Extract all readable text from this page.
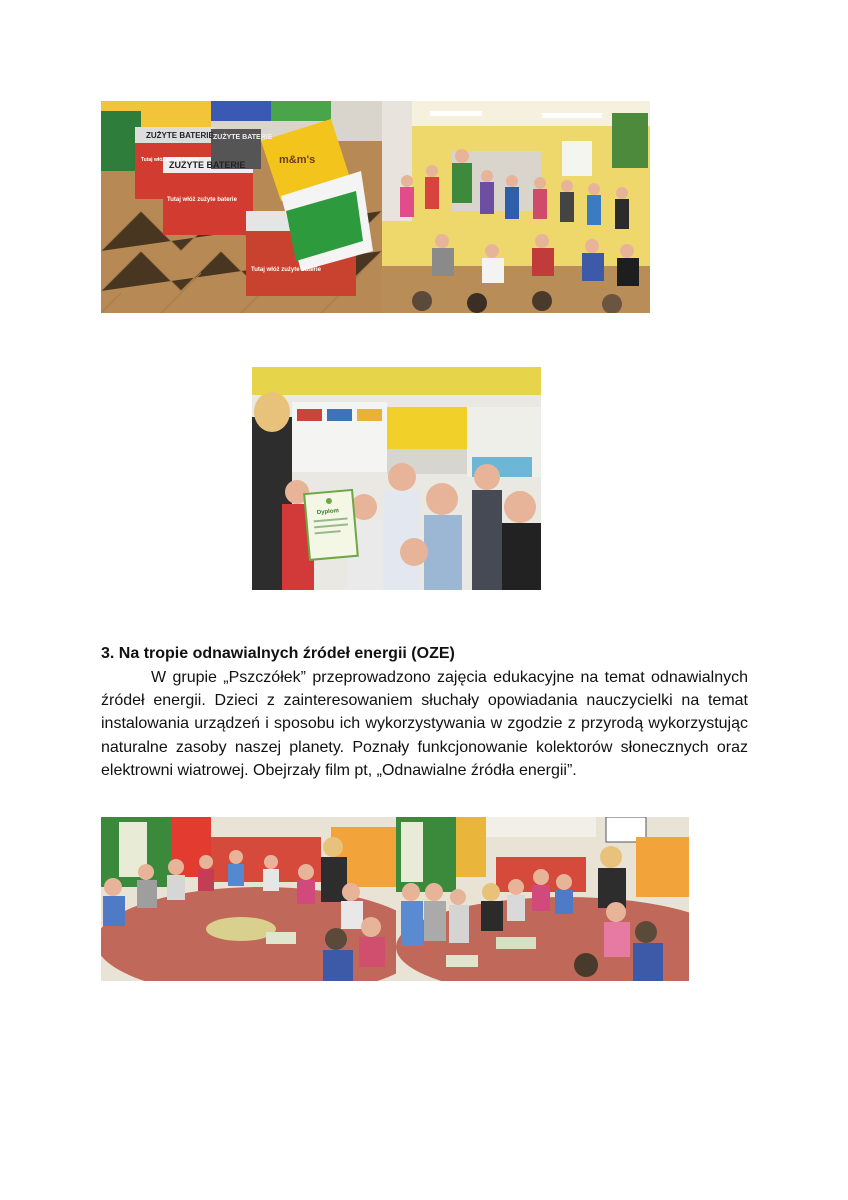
ZUŻYTE BATERIE
ZUŻYTE BATERIE
ZUŻYTE BATERIE
Tutaj włóż zużyte baterie
Tutaj włóż zużyte baterie
Tutaj włóż zużyte baterie
m&m's
Dyplom
3. Na tropie odnawialnych źródeł energii (OZE)

W grupie „Pszczółek” przeprowadzono zajęcia edukacyjne na temat odnawialnych źródeł energii. Dzieci z zainteresowaniem słuchały opowiadania nauczycielki na temat instalowania urządzeń i sposobu ich wykorzystywania w zgodzie z przyrodą wykorzystując naturalne zasoby naszej planety. Poznały funkcjonowanie kolektorów słonecznych oraz elektrowni wiatrowej. Obejrzały film pt, „Odnawialne źródła energii”.
